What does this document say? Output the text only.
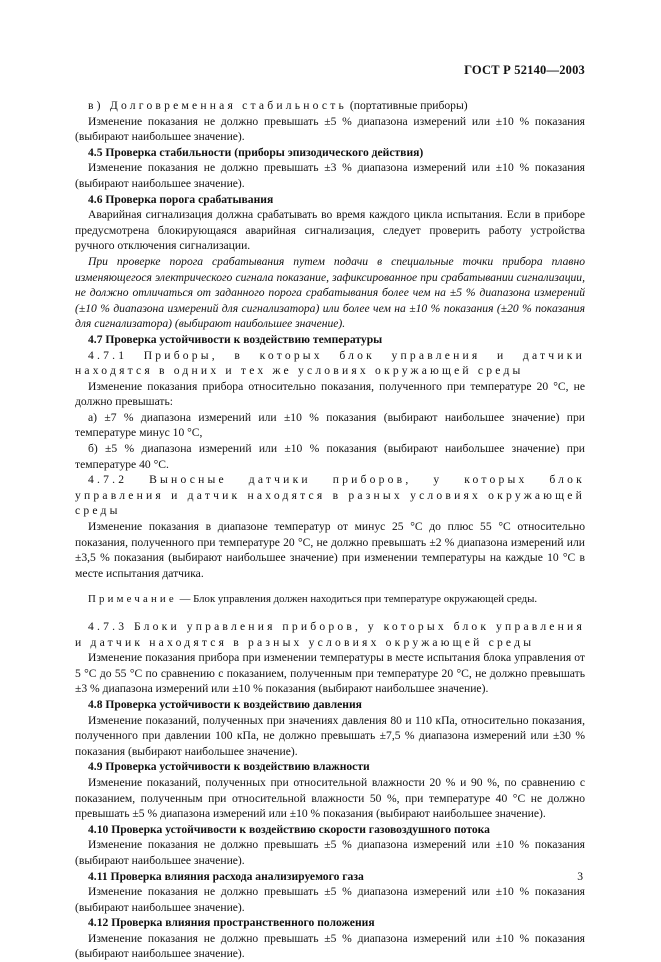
ГОСТ Р 52140—2003

в) Долговременная стабильность (портативные приборы)

Изменение показания не должно превышать ±5 % диапазона измерений или ±10 % показания (выбирают наибольшее значение).

4.5 Проверка стабильности (приборы эпизодического действия)

Изменение показания не должно превышать ±3 % диапазона измерений или ±10 % показания (выбирают наибольшее значение).

4.6 Проверка порога срабатывания

Аварийная сигнализация должна срабатывать во время каждого цикла испытания. Если в приборе предусмотрена блокирующаяся аварийная сигнализация, следует проверить работу устройства ручного отключения сигнализации.

При проверке порога срабатывания путем подачи в специальные точки прибора плавно изменяющегося электрического сигнала показание, зафиксированное при срабатывании сигнализации, не должно отличаться от заданного порога срабатывания более чем на ±5 % диапазона измерений (±10 % диапазона измерений для сигнализатора) или более чем на ±10 % показания (±20 % показания для сигнализатора) (выбирают наибольшее значение).

4.7 Проверка устойчивости к воздействию температуры

4.7.1 Приборы, в которых блок управления и датчики находятся в одних и тех же условиях окружающей среды

Изменение показания прибора относительно показания, полученного при температуре 20 °С, не должно превышать:

а) ±7 % диапазона измерений или ±10 % показания (выбирают наибольшее значение) при температуре минус 10 °С,

б) ±5 % диапазона измерений или ±10 % показания (выбирают наибольшее значение) при температуре 40 °С.

4.7.2 Выносные датчики приборов, у которых блок управления и датчик находятся в разных условиях окружающей среды

Изменение показания в диапазоне температур от минус 25 °С до плюс 55 °С относительно показания, полученного при температуре 20 °С, не должно превышать ±2 % диапазона измерений или ±3,5 % показания (выбирают наибольшее значение) при изменении температуры на каждые 10 °С в месте испытания датчика.

Примечание — Блок управления должен находиться при температуре окружающей среды.

4.7.3 Блоки управления приборов, у которых блок управления и датчик находятся в разных условиях окружающей среды

Изменение показания прибора при изменении температуры в месте испытания блока управления от 5 °С до 55 °С по сравнению с показанием, полученным при температуре 20 °С, не должно превышать ±3 % диапазона измерений или ±10 % показания (выбирают наибольшее значение).

4.8 Проверка устойчивости к воздействию давления

Изменение показаний, полученных при значениях давления 80 и 110 кПа, относительно показания, полученного при давлении 100 кПа, не должно превышать ±7,5 % диапазона измерений или ±30 % показания (выбирают наибольшее значение).

4.9 Проверка устойчивости к воздействию влажности

Изменение показаний, полученных при относительной влажности 20 % и 90 %, по сравнению с показанием, полученным при относительной влажности 50 %, при температуре 40 °С не должно превышать ±5 % диапазона измерений или ±10 % показания (выбирают наибольшее значение).

4.10 Проверка устойчивости к воздействию скорости газовоздушного потока

Изменение показания не должно превышать ±5 % диапазона измерений или ±10 % показания (выбирают наибольшее значение).

4.11 Проверка влияния расхода анализируемого газа

Изменение показания не должно превышать ±5 % диапазона измерений или ±10 % показания (выбирают наибольшее значение).

4.12 Проверка влияния пространственного положения

Изменение показания не должно превышать ±5 % диапазона измерений или ±10 % показания (выбирают наибольшее значение).

3
